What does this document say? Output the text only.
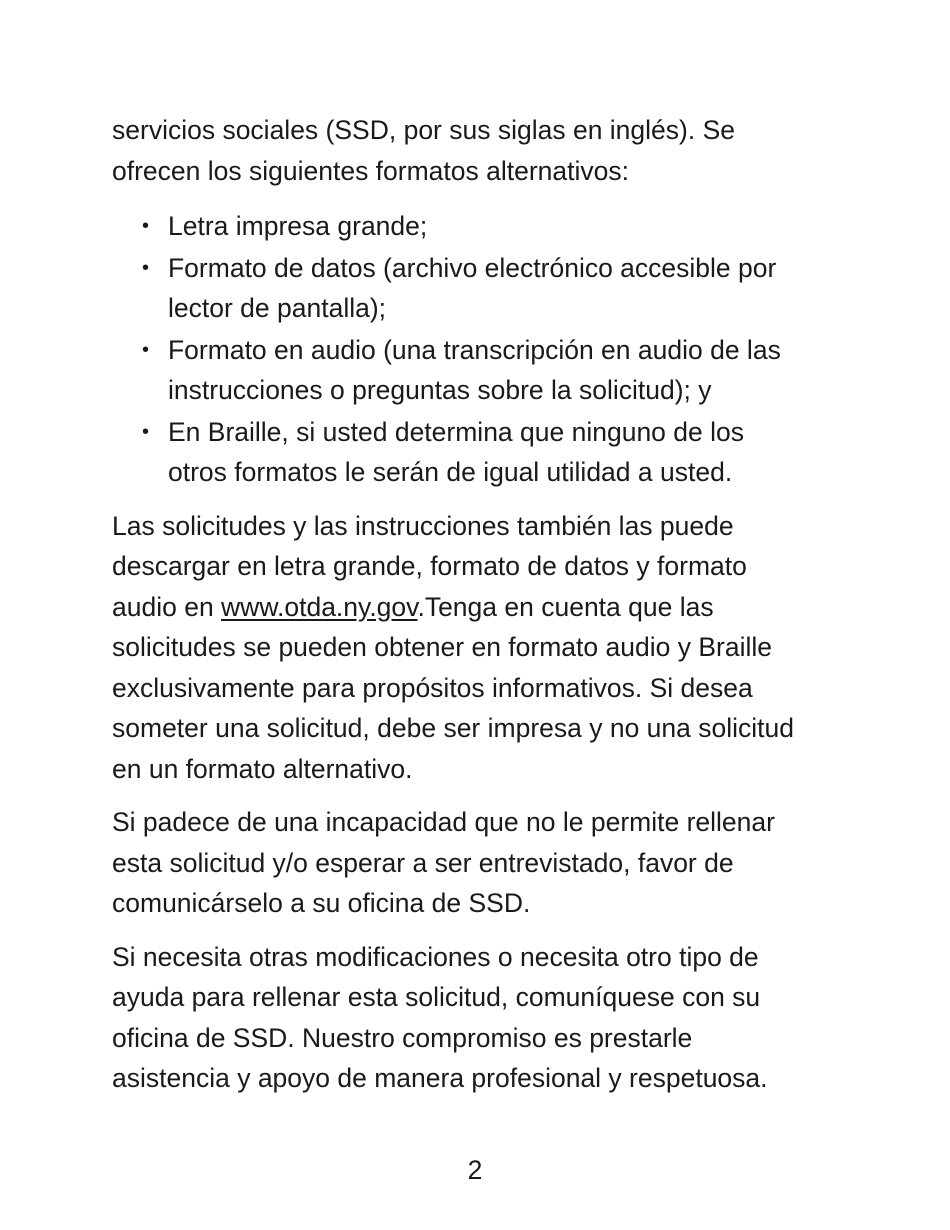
servicios sociales (SSD, por sus siglas en inglés). Se
ofrecen los siguientes formatos alternativos:

• Letra impresa grande;
• Formato de datos (archivo electrónico accesible por
lector de pantalla);
• Formato en audio (una transcripción en audio de las
instrucciones o preguntas sobre la solicitud); y
• En Braille, si usted determina que ninguno de los
otros formatos le serán de igual utilidad a usted.

Las solicitudes y las instrucciones también las puede
descargar en letra grande, formato de datos y formato
audio en www.otda.ny.gov.Tenga en cuenta que las
solicitudes se pueden obtener en formato audio y Braille
exclusivamente para propósitos informativos. Si desea
someter una solicitud, debe ser impresa y no una solicitud
en un formato alternativo.

Si padece de una incapacidad que no le permite rellenar
esta solicitud y/o esperar a ser entrevistado, favor de
comunicárselo a su oficina de SSD.

Si necesita otras modificaciones o necesita otro tipo de
ayuda para rellenar esta solicitud, comuníquese con su
oficina de SSD. Nuestro compromiso es prestarle
asistencia y apoyo de manera profesional y respetuosa.

2
